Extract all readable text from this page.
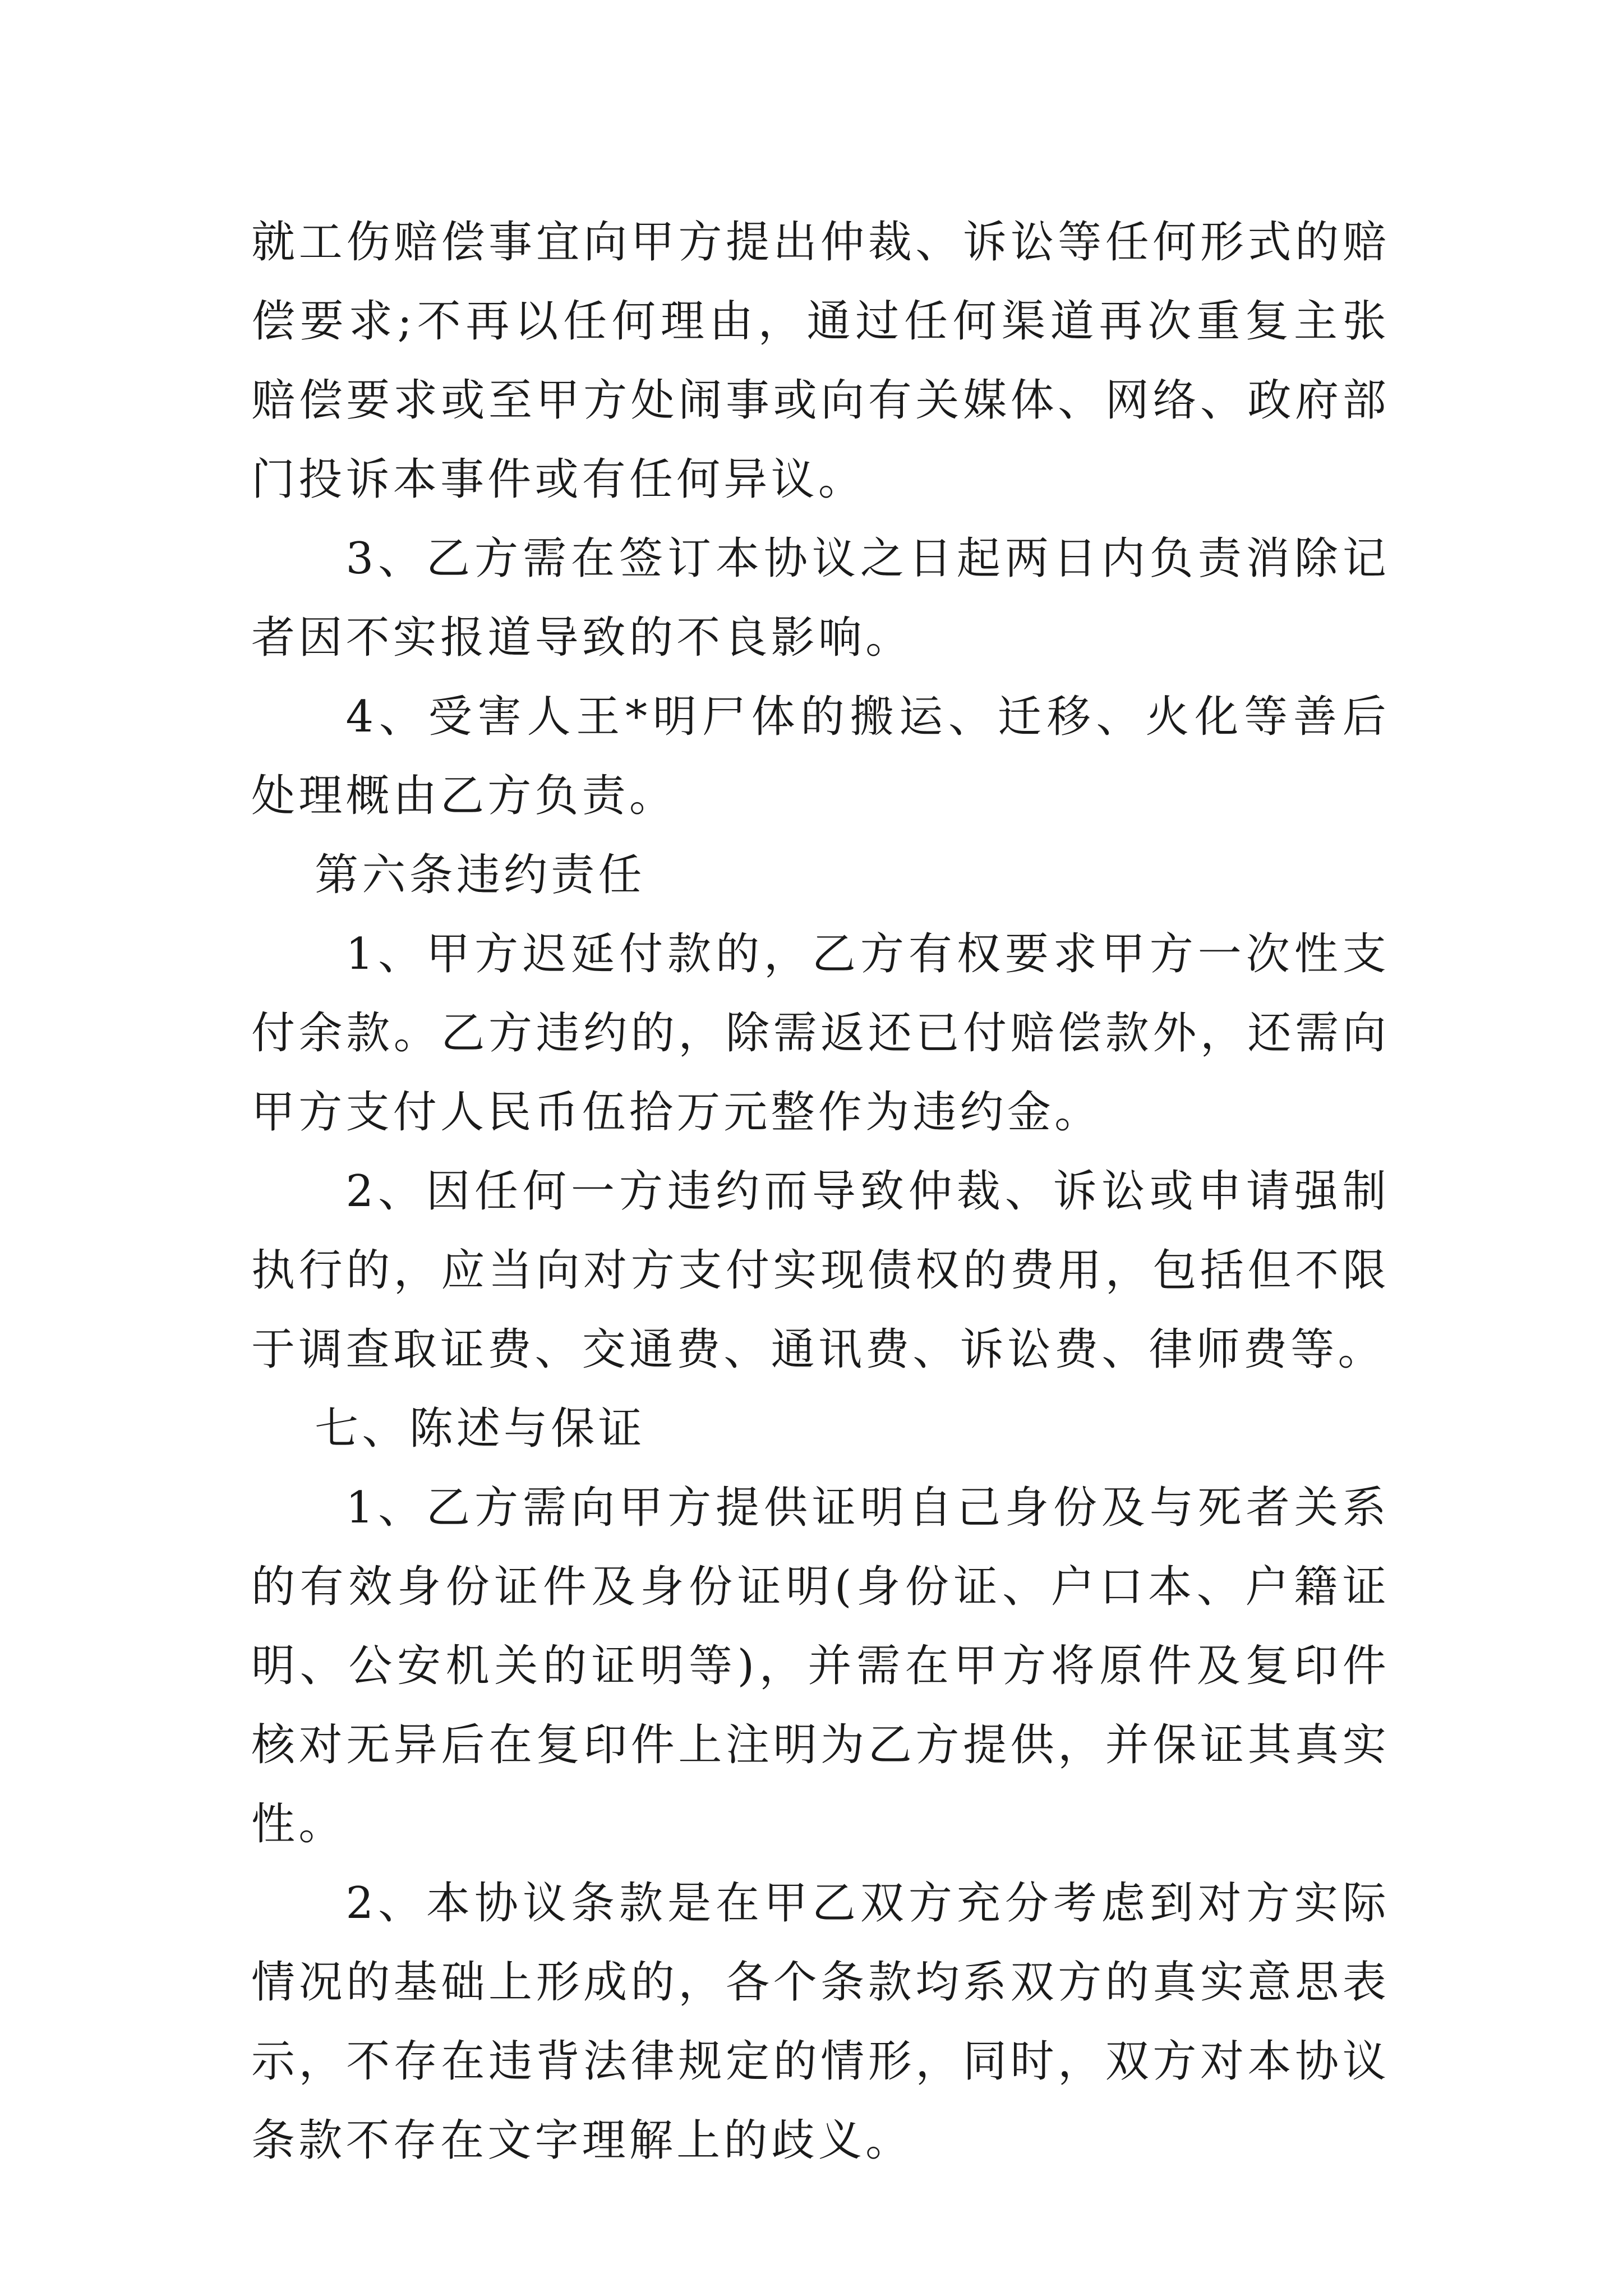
就工伤赔偿事宜向甲方提出仲裁、诉讼等任何形式的赔偿要求;不再以任何理由，通过任何渠道再次重复主张赔偿要求或至甲方处闹事或向有关媒体、网络、政府部门投诉本事件或有任何异议。

3、乙方需在签订本协议之日起两日内负责消除记者因不实报道导致的不良影响。

4、受害人王*明尸体的搬运、迁移、火化等善后处理概由乙方负责。

第六条违约责任

1、甲方迟延付款的，乙方有权要求甲方一次性支付余款。乙方违约的，除需返还已付赔偿款外，还需向甲方支付人民币伍拾万元整作为违约金。

2、因任何一方违约而导致仲裁、诉讼或申请强制执行的，应当向对方支付实现债权的费用，包括但不限于调查取证费、交通费、通讯费、诉讼费、律师费等。

七、陈述与保证

1、乙方需向甲方提供证明自己身份及与死者关系的有效身份证件及身份证明(身份证、户口本、户籍证明、公安机关的证明等)，并需在甲方将原件及复印件核对无异后在复印件上注明为乙方提供，并保证其真实性。

2、本协议条款是在甲乙双方充分考虑到对方实际情况的基础上形成的，各个条款均系双方的真实意思表示，不存在违背法律规定的情形，同时，双方对本协议条款不存在文字理解上的歧义。
